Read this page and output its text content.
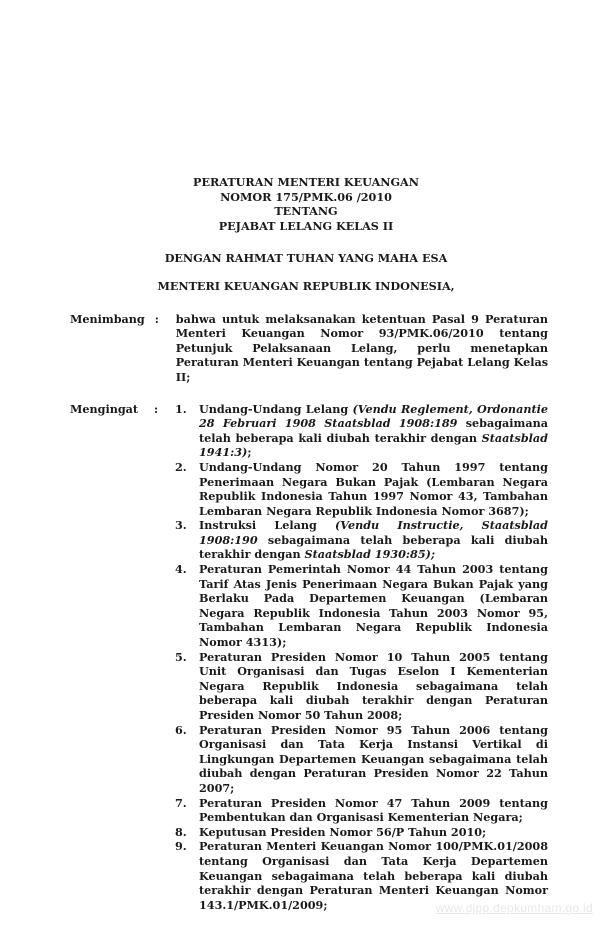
PERATURAN MENTERI KEUANGAN
NOMOR 175/PMK.06 /2010
TENTANG
PEJABAT LELANG KELAS II
DENGAN RAHMAT TUHAN YANG MAHA ESA
MENTERI KEUANGAN REPUBLIK INDONESIA,
Menimbang :	bahwa untuk melaksanakan ketentuan Pasal 9 Peraturan Menteri Keuangan Nomor 93/PMK.06/2010 tentang Petunjuk Pelaksanaan Lelang, perlu menetapkan Peraturan Menteri Keuangan tentang Pejabat Lelang Kelas II;
Mengingat	:	1.	Undang-Undang Lelang (Vendu Reglement, Ordonantie 28 Februari 1908 Staatsblad 1908:189 sebagaimana telah beberapa kali diubah terakhir dengan Staatsblad 1941:3);
2.	Undang-Undang Nomor 20 Tahun 1997 tentang Penerimaan Negara Bukan Pajak (Lembaran Negara Republik Indonesia Tahun 1997 Nomor 43, Tambahan Lembaran Negara Republik Indonesia Nomor 3687);
3.	Instruksi Lelang (Vendu Instructie, Staatsblad 1908:190 sebagaimana telah beberapa kali diubah terakhir dengan Staatsblad 1930:85);
4.	Peraturan Pemerintah Nomor 44 Tahun 2003 tentang Tarif Atas Jenis Penerimaan Negara Bukan Pajak yang Berlaku Pada Departemen Keuangan (Lembaran Negara Republik Indonesia Tahun 2003 Nomor 95, Tambahan Lembaran Negara Republik Indonesia Nomor 4313);
5.	Peraturan Presiden Nomor 10 Tahun 2005 tentang Unit Organisasi dan Tugas Eselon I Kementerian Negara Republik Indonesia sebagaimana telah beberapa kali diubah terakhir dengan Peraturan Presiden Nomor 50 Tahun 2008;
6.	Peraturan Presiden Nomor 95 Tahun 2006 tentang Organisasi dan Tata Kerja Instansi Vertikal di Lingkungan Departemen Keuangan sebagaimana telah diubah dengan Peraturan Presiden Nomor 22 Tahun 2007;
7.	Peraturan Presiden Nomor 47 Tahun 2009 tentang Pembentukan dan Organisasi Kementerian Negara;
8.	Keputusan Presiden Nomor 56/P Tahun 2010;
9.	Peraturan Menteri Keuangan Nomor 100/PMK.01/2008 tentang Organisasi dan Tata Kerja Departemen Keuangan sebagaimana telah beberapa kali diubah terakhir dengan Peraturan Menteri Keuangan Nomor 143.1/PMK.01/2009;	www.djpp.depkumham.go.id
